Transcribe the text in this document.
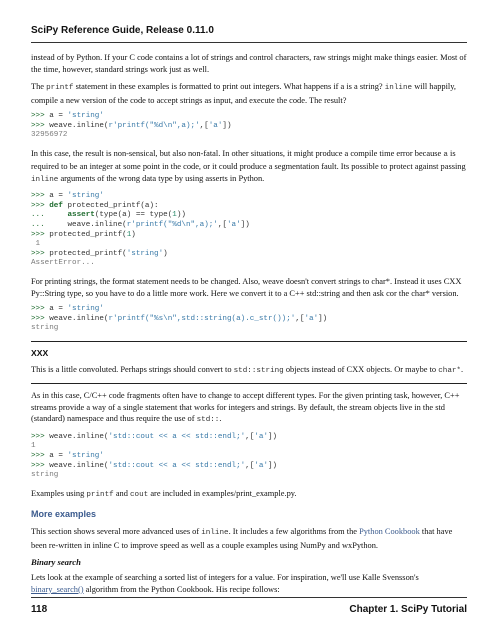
SciPy Reference Guide, Release 0.11.0

instead of by Python. If your C code contains a lot of strings and control characters, raw strings might make things easier. Most of the time, however, standard strings work just as well.

The printf statement in these examples is formatted to print out integers. What happens if a is a string? inline will happily, compile a new version of the code to accept strings as input, and execute the code. The result?

>>> a = 'string'
>>> weave.inline(r'printf("%d\n",a);',['a'])
32956972

In this case, the result is non-sensical, but also non-fatal. In other situations, it might produce a compile time error because a is required to be an integer at some point in the code, or it could produce a segmentation fault. Its possible to protect against passing inline arguments of the wrong data type by using asserts in Python.

>>> a = 'string'
>>> def protected_printf(a):
...	assert(type(a) == type(1))
...	weave.inline(r'printf("%d\n",a);',['a'])
>>> protected_printf(1)
1
>>> protected_printf('string')
AssertError...

For printing strings, the format statement needs to be changed. Also, weave doesn't convert strings to char*. Instead it uses CXX Py::String type, so you have to do a little more work. Here we convert it to a C++ std::string and then ask cor the char* version.

>>> a = 'string'
>>> weave.inline(r'printf("%s\n",std::string(a).c_str());',['a'])
string
XXX

This is a little convoluted. Perhaps strings should convert to std::string objects instead of CXX objects. Or maybe to char*.

As in this case, C/C++ code fragments often have to change to accept different types. For the given printing task, however, C++ streams provide a way of a single statement that works for integers and strings. By default, the stream objects live in the std (standard) namespace and thus require the use of std::.

>>> weave.inline('std::cout << a << std::endl;',['a'])
1
>>> a = 'string'
>>> weave.inline('std::cout << a << std::endl;',['a'])
string

Examples using printf and cout are included in examples/print_example.py.

More examples

This section shows several more advanced uses of inline. It includes a few algorithms from the Python Cookbook that have been re-written in inline C to improve speed as well as a couple examples using NumPy and wxPython.

Binary search

Lets look at the example of searching a sorted list of integers for a value. For inspiration, we'll use Kalle Svensson's binary_search() algorithm from the Python Cookbook. His recipe follows:

118	Chapter 1. SciPy Tutorial
